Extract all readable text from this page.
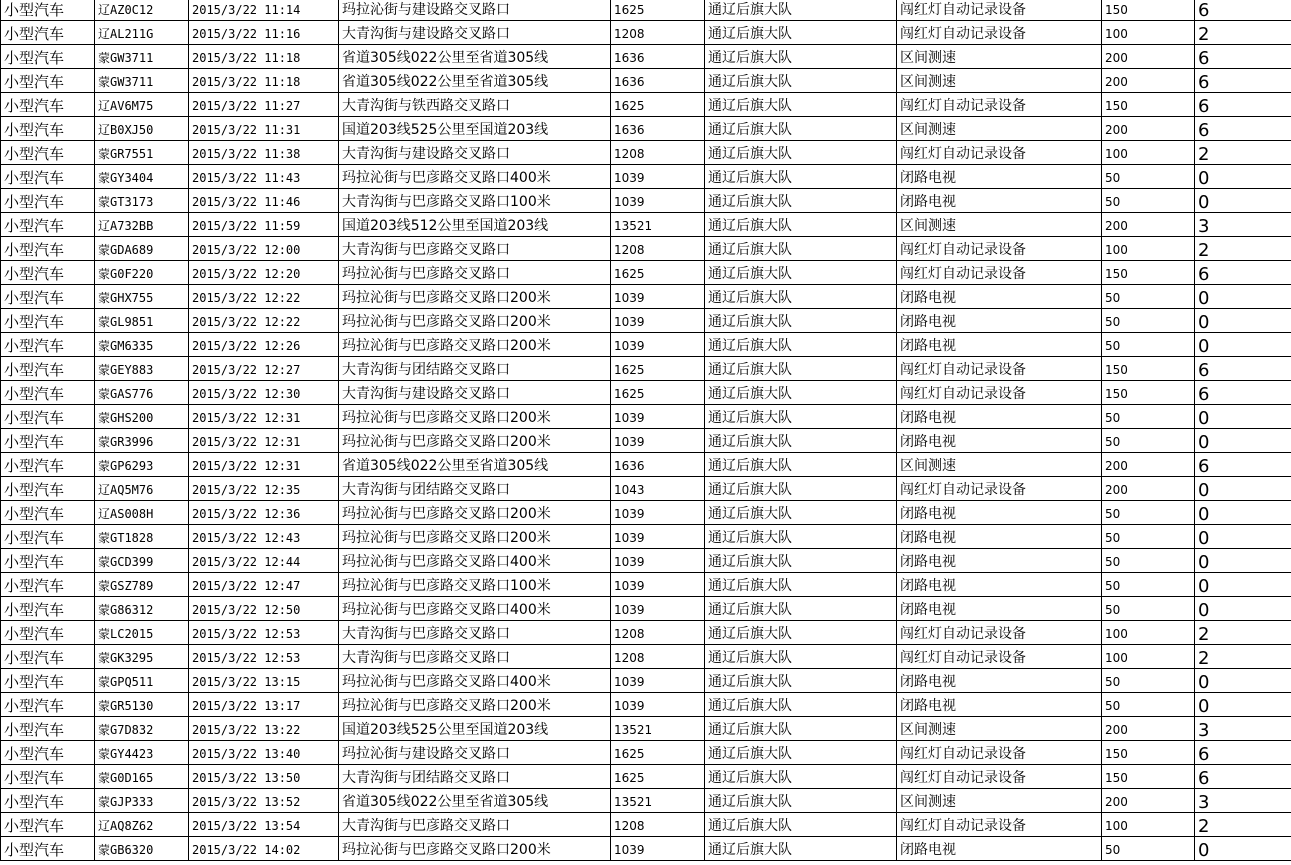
小型汽车	辽AZ0C12	2015/3/22 11:14	玛拉沁街与建设路交叉路口	1625	通辽后旗大队	闯红灯自动记录设备	150	6
小型汽车	辽AL211G	2015/3/22 11:16	大青沟街与建设路交叉路口	1208	通辽后旗大队	闯红灯自动记录设备	100	2
小型汽车	蒙GW3711	2015/3/22 11:18	省道305线022公里至省道305线	1636	通辽后旗大队	区间测速	200	6
小型汽车	蒙GW3711	2015/3/22 11:18	省道305线022公里至省道305线	1636	通辽后旗大队	区间测速	200	6
小型汽车	辽AV6M75	2015/3/22 11:27	大青沟街与铁西路交叉路口	1625	通辽后旗大队	闯红灯自动记录设备	150	6
小型汽车	辽B0XJ50	2015/3/22 11:31	国道203线525公里至国道203线	1636	通辽后旗大队	区间测速	200	6
小型汽车	蒙GR7551	2015/3/22 11:38	大青沟街与建设路交叉路口	1208	通辽后旗大队	闯红灯自动记录设备	100	2
小型汽车	蒙GY3404	2015/3/22 11:43	玛拉沁街与巴彦路交叉路口400米	1039	通辽后旗大队	闭路电视	50	0
小型汽车	蒙GT3173	2015/3/22 11:46	大青沟街与巴彦路交叉路口100米	1039	通辽后旗大队	闭路电视	50	0
小型汽车	辽A732BB	2015/3/22 11:59	国道203线512公里至国道203线	13521	通辽后旗大队	区间测速	200	3
小型汽车	蒙GDA689	2015/3/22 12:00	大青沟街与巴彦路交叉路口	1208	通辽后旗大队	闯红灯自动记录设备	100	2
小型汽车	蒙G0F220	2015/3/22 12:20	玛拉沁街与巴彦路交叉路口	1625	通辽后旗大队	闯红灯自动记录设备	150	6
小型汽车	蒙GHX755	2015/3/22 12:22	玛拉沁街与巴彦路交叉路口200米	1039	通辽后旗大队	闭路电视	50	0
小型汽车	蒙GL9851	2015/3/22 12:22	玛拉沁街与巴彦路交叉路口200米	1039	通辽后旗大队	闭路电视	50	0
小型汽车	蒙GM6335	2015/3/22 12:26	玛拉沁街与巴彦路交叉路口200米	1039	通辽后旗大队	闭路电视	50	0
小型汽车	蒙GEY883	2015/3/22 12:27	大青沟街与团结路交叉路口	1625	通辽后旗大队	闯红灯自动记录设备	150	6
小型汽车	蒙GAS776	2015/3/22 12:30	大青沟街与建设路交叉路口	1625	通辽后旗大队	闯红灯自动记录设备	150	6
小型汽车	蒙GHS200	2015/3/22 12:31	玛拉沁街与巴彦路交叉路口200米	1039	通辽后旗大队	闭路电视	50	0
小型汽车	蒙GR3996	2015/3/22 12:31	玛拉沁街与巴彦路交叉路口200米	1039	通辽后旗大队	闭路电视	50	0
小型汽车	蒙GP6293	2015/3/22 12:31	省道305线022公里至省道305线	1636	通辽后旗大队	区间测速	200	6
小型汽车	辽AQ5M76	2015/3/22 12:35	大青沟街与团结路交叉路口	1043	通辽后旗大队	闯红灯自动记录设备	200	0
小型汽车	辽AS008H	2015/3/22 12:36	玛拉沁街与巴彦路交叉路口200米	1039	通辽后旗大队	闭路电视	50	0
小型汽车	蒙GT1828	2015/3/22 12:43	玛拉沁街与巴彦路交叉路口200米	1039	通辽后旗大队	闭路电视	50	0
小型汽车	蒙GCD399	2015/3/22 12:44	玛拉沁街与巴彦路交叉路口400米	1039	通辽后旗大队	闭路电视	50	0
小型汽车	蒙GSZ789	2015/3/22 12:47	玛拉沁街与巴彦路交叉路口100米	1039	通辽后旗大队	闭路电视	50	0
小型汽车	蒙G86312	2015/3/22 12:50	玛拉沁街与巴彦路交叉路口400米	1039	通辽后旗大队	闭路电视	50	0
小型汽车	蒙LC2015	2015/3/22 12:53	大青沟街与巴彦路交叉路口	1208	通辽后旗大队	闯红灯自动记录设备	100	2
小型汽车	蒙GK3295	2015/3/22 12:53	大青沟街与巴彦路交叉路口	1208	通辽后旗大队	闯红灯自动记录设备	100	2
小型汽车	蒙GPQ511	2015/3/22 13:15	玛拉沁街与巴彦路交叉路口400米	1039	通辽后旗大队	闭路电视	50	0
小型汽车	蒙GR5130	2015/3/22 13:17	玛拉沁街与巴彦路交叉路口200米	1039	通辽后旗大队	闭路电视	50	0
小型汽车	蒙G7D832	2015/3/22 13:22	国道203线525公里至国道203线	13521	通辽后旗大队	区间测速	200	3
小型汽车	蒙GY4423	2015/3/22 13:40	玛拉沁街与建设路交叉路口	1625	通辽后旗大队	闯红灯自动记录设备	150	6
小型汽车	蒙G0D165	2015/3/22 13:50	大青沟街与团结路交叉路口	1625	通辽后旗大队	闯红灯自动记录设备	150	6
小型汽车	蒙GJP333	2015/3/22 13:52	省道305线022公里至省道305线	13521	通辽后旗大队	区间测速	200	3
小型汽车	辽AQ8Z62	2015/3/22 13:54	大青沟街与巴彦路交叉路口	1208	通辽后旗大队	闯红灯自动记录设备	100	2
小型汽车	蒙GB6320	2015/3/22 14:02	玛拉沁街与巴彦路交叉路口200米	1039	通辽后旗大队	闭路电视	50	0
